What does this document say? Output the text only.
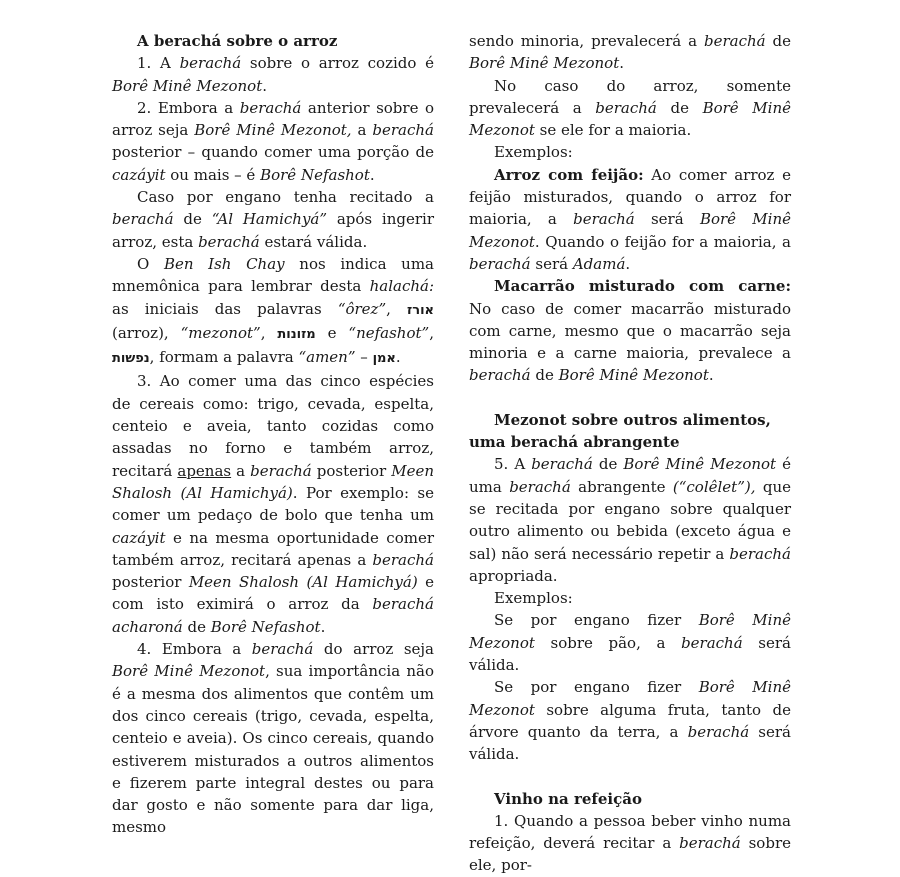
A berachá sobre o arroz

1. A berachá sobre o arroz cozido é Borê Minê Mezonot.

2. Embora a berachá anterior sobre o arroz seja Borê Minê Mezonot, a berachá posterior – quando comer uma porção de cazáyit ou mais – é Borê Nefashot.

Caso por engano tenha recitado a berachá de “Al Hamichyá” após ingerir arroz, esta berachá estará válida.

O Ben Ish Chay nos indica uma mnemônica para lembrar desta halachá: as iniciais das palavras “ôrez”, אורז (arroz), “mezonot”, מזונות e “nefashot”, נפשות, formam a palavra “amen” – אמן.

3. Ao comer uma das cinco espécies de cereais como: trigo, cevada, espelta, centeio e aveia, tanto cozidas como assadas no forno e também arroz, recitará apenas a berachá posterior Meen Shalosh (Al Hamichyá). Por exemplo: se comer um pedaço de bolo que tenha um cazáyit e na mesma oportunidade comer também arroz, recitará apenas a berachá posterior Meen Shalosh (Al Hamichyá) e com isto eximirá o arroz da berachá acharoná de Borê Nefashot.

4. Embora a berachá do arroz seja Borê Minê Mezonot, sua importância não é a mesma dos alimentos que contêm um dos cinco cereais (trigo, cevada, espelta, centeio e aveia). Os cinco cereais, quando estiverem misturados a outros alimentos e fizerem parte integral destes ou para dar gosto e não somente para dar liga, mesmo

sendo minoria, prevalecerá a berachá de Borê Minê Mezonot.

No caso do arroz, somente prevalecerá a berachá de Borê Minê Mezonot se ele for a maioria.

Exemplos:

Arroz com feijão: Ao comer arroz e feijão misturados, quando o arroz for maioria, a berachá será Borê Minê Mezonot. Quando o feijão for a maioria, a berachá será Adamá.

Macarrão misturado com carne: No caso de comer macarrão misturado com carne, mesmo que o macarrão seja minoria e a carne maioria, prevalece a berachá de Borê Minê Mezonot.

Mezonot sobre outros alimentos, uma berachá abrangente

5. A berachá de Borê Minê Mezonot é uma berachá abrangente (“colêlet”), que se recitada por engano sobre qualquer outro alimento ou bebida (exceto água e sal) não será necessário repetir a berachá apropriada.

Exemplos:

Se por engano fizer Borê Minê Mezonot sobre pão, a berachá será válida.

Se por engano fizer Borê Minê Mezonot sobre alguma fruta, tanto de árvore quanto da terra, a berachá será válida.

Vinho na refeição

1. Quando a pessoa beber vinho numa refeição, deverá recitar a berachá sobre ele, por-
